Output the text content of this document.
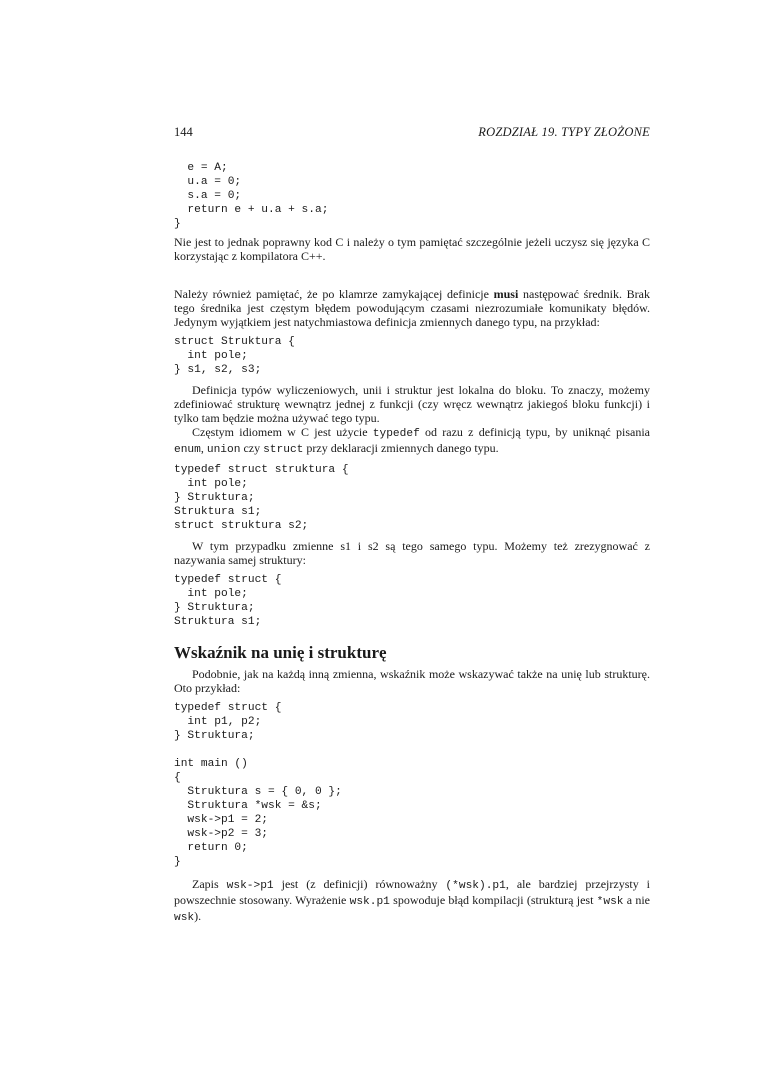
144	ROZDZIAŁ 19. TYPY ZŁOŻONE
e = A;
u.a = 0;
s.a = 0;
return e + u.a + s.a;
}

Nie jest to jednak poprawny kod C i należy o tym pamiętać szczególnie jeżeli uczysz się języka C korzystając z kompilatora C++.

Należy również pamiętać, że po klamrze zamykającej definicje musi następować średnik. Brak tego średnika jest częstym błędem powodującym czasami niezrozumiałe komunikaty błędów. Jedynym wyjątkiem jest natychmiastowa definicja zmiennych danego typu, na przykład:

struct Struktura {
int pole;
} s1, s2, s3;

Definicja typów wyliczeniowych, unii i struktur jest lokalna do bloku. To znaczy, możemy zdefiniować strukturę wewnątrz jednej z funkcji (czy wręcz wewnątrz jakiegoś bloku funkcji) i tylko tam będzie można używać tego typu.

Częstym idiomem w C jest użycie typedef od razu z definicją typu, by uniknąć pisania enum, union czy struct przy deklaracji zmiennych danego typu.

typedef struct struktura {
int pole;
} Struktura;
Struktura s1;
struct struktura s2;

W tym przypadku zmienne s1 i s2 są tego samego typu. Możemy też zrezygnować z nazywania samej struktury:

typedef struct {
int pole;
} Struktura;
Struktura s1;
Wskaźnik na unię i strukturę

Podobnie, jak na każdą inną zmienna, wskaźnik może wskazywać także na unię lub strukturę. Oto przykład:

typedef struct {
int p1, p2;
} Struktura;

int main ()
{
Struktura s = { 0, 0 };
Struktura *wsk = &s;
wsk->p1 = 2;
wsk->p2 = 3;
return 0;
}

Zapis wsk->p1 jest (z definicji) równoważny (*wsk).p1, ale bardziej przejrzysty i powszechnie stosowany. Wyrażenie wsk.p1 spowoduje błąd kompilacji (strukturą jest *wsk a nie wsk).
